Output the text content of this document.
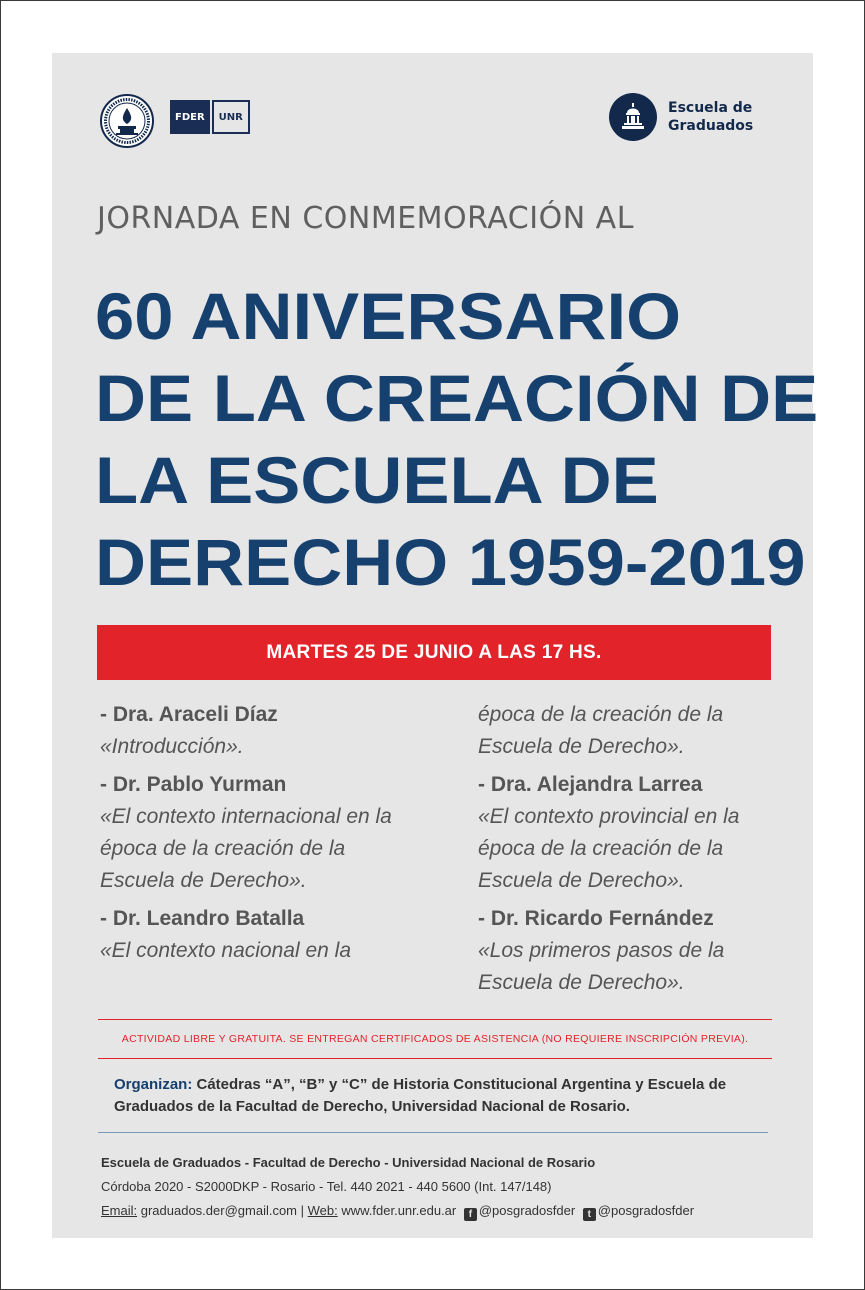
FDER	UNR
Escuela de
Graduados
JORNADA EN CONMEMORACIÓN AL
60 ANIVERSARIO
DE LA CREACIÓN DE
LA ESCUELA DE
DERECHO 1959-2019
MARTES 25 DE JUNIO A LAS 17 HS.
- Dra. Araceli Díaz
«Introducción».
- Dr. Pablo Yurman
«El contexto internacional en la
época de la creación de la
Escuela de Derecho».
- Dr. Leandro Batalla
«El contexto nacional en la
época de la creación de la
Escuela de Derecho».
- Dra. Alejandra Larrea
«El contexto provincial en la
época de la creación de la
Escuela de Derecho».
- Dr. Ricardo Fernández
«Los primeros pasos de la
Escuela de Derecho».
ACTIVIDAD LIBRE Y GRATUITA. SE ENTREGAN CERTIFICADOS DE ASISTENCIA (NO REQUIERE INSCRIPCIÓN PREVIA).
Organizan: Cátedras “A”, “B” y “C” de Historia Constitucional Argentina y Escuela de Graduados de la Facultad de Derecho, Universidad Nacional de Rosario.
Escuela de Graduados - Facultad de Derecho - Universidad Nacional de Rosario
Córdoba 2020 - S2000DKP - Rosario - Tel. 440 2021 - 440 5600 (Int. 147/148)
Email: graduados.der@gmail.com | Web: www.fder.unr.edu.ar f @posgradosfder t @posgradosfder
